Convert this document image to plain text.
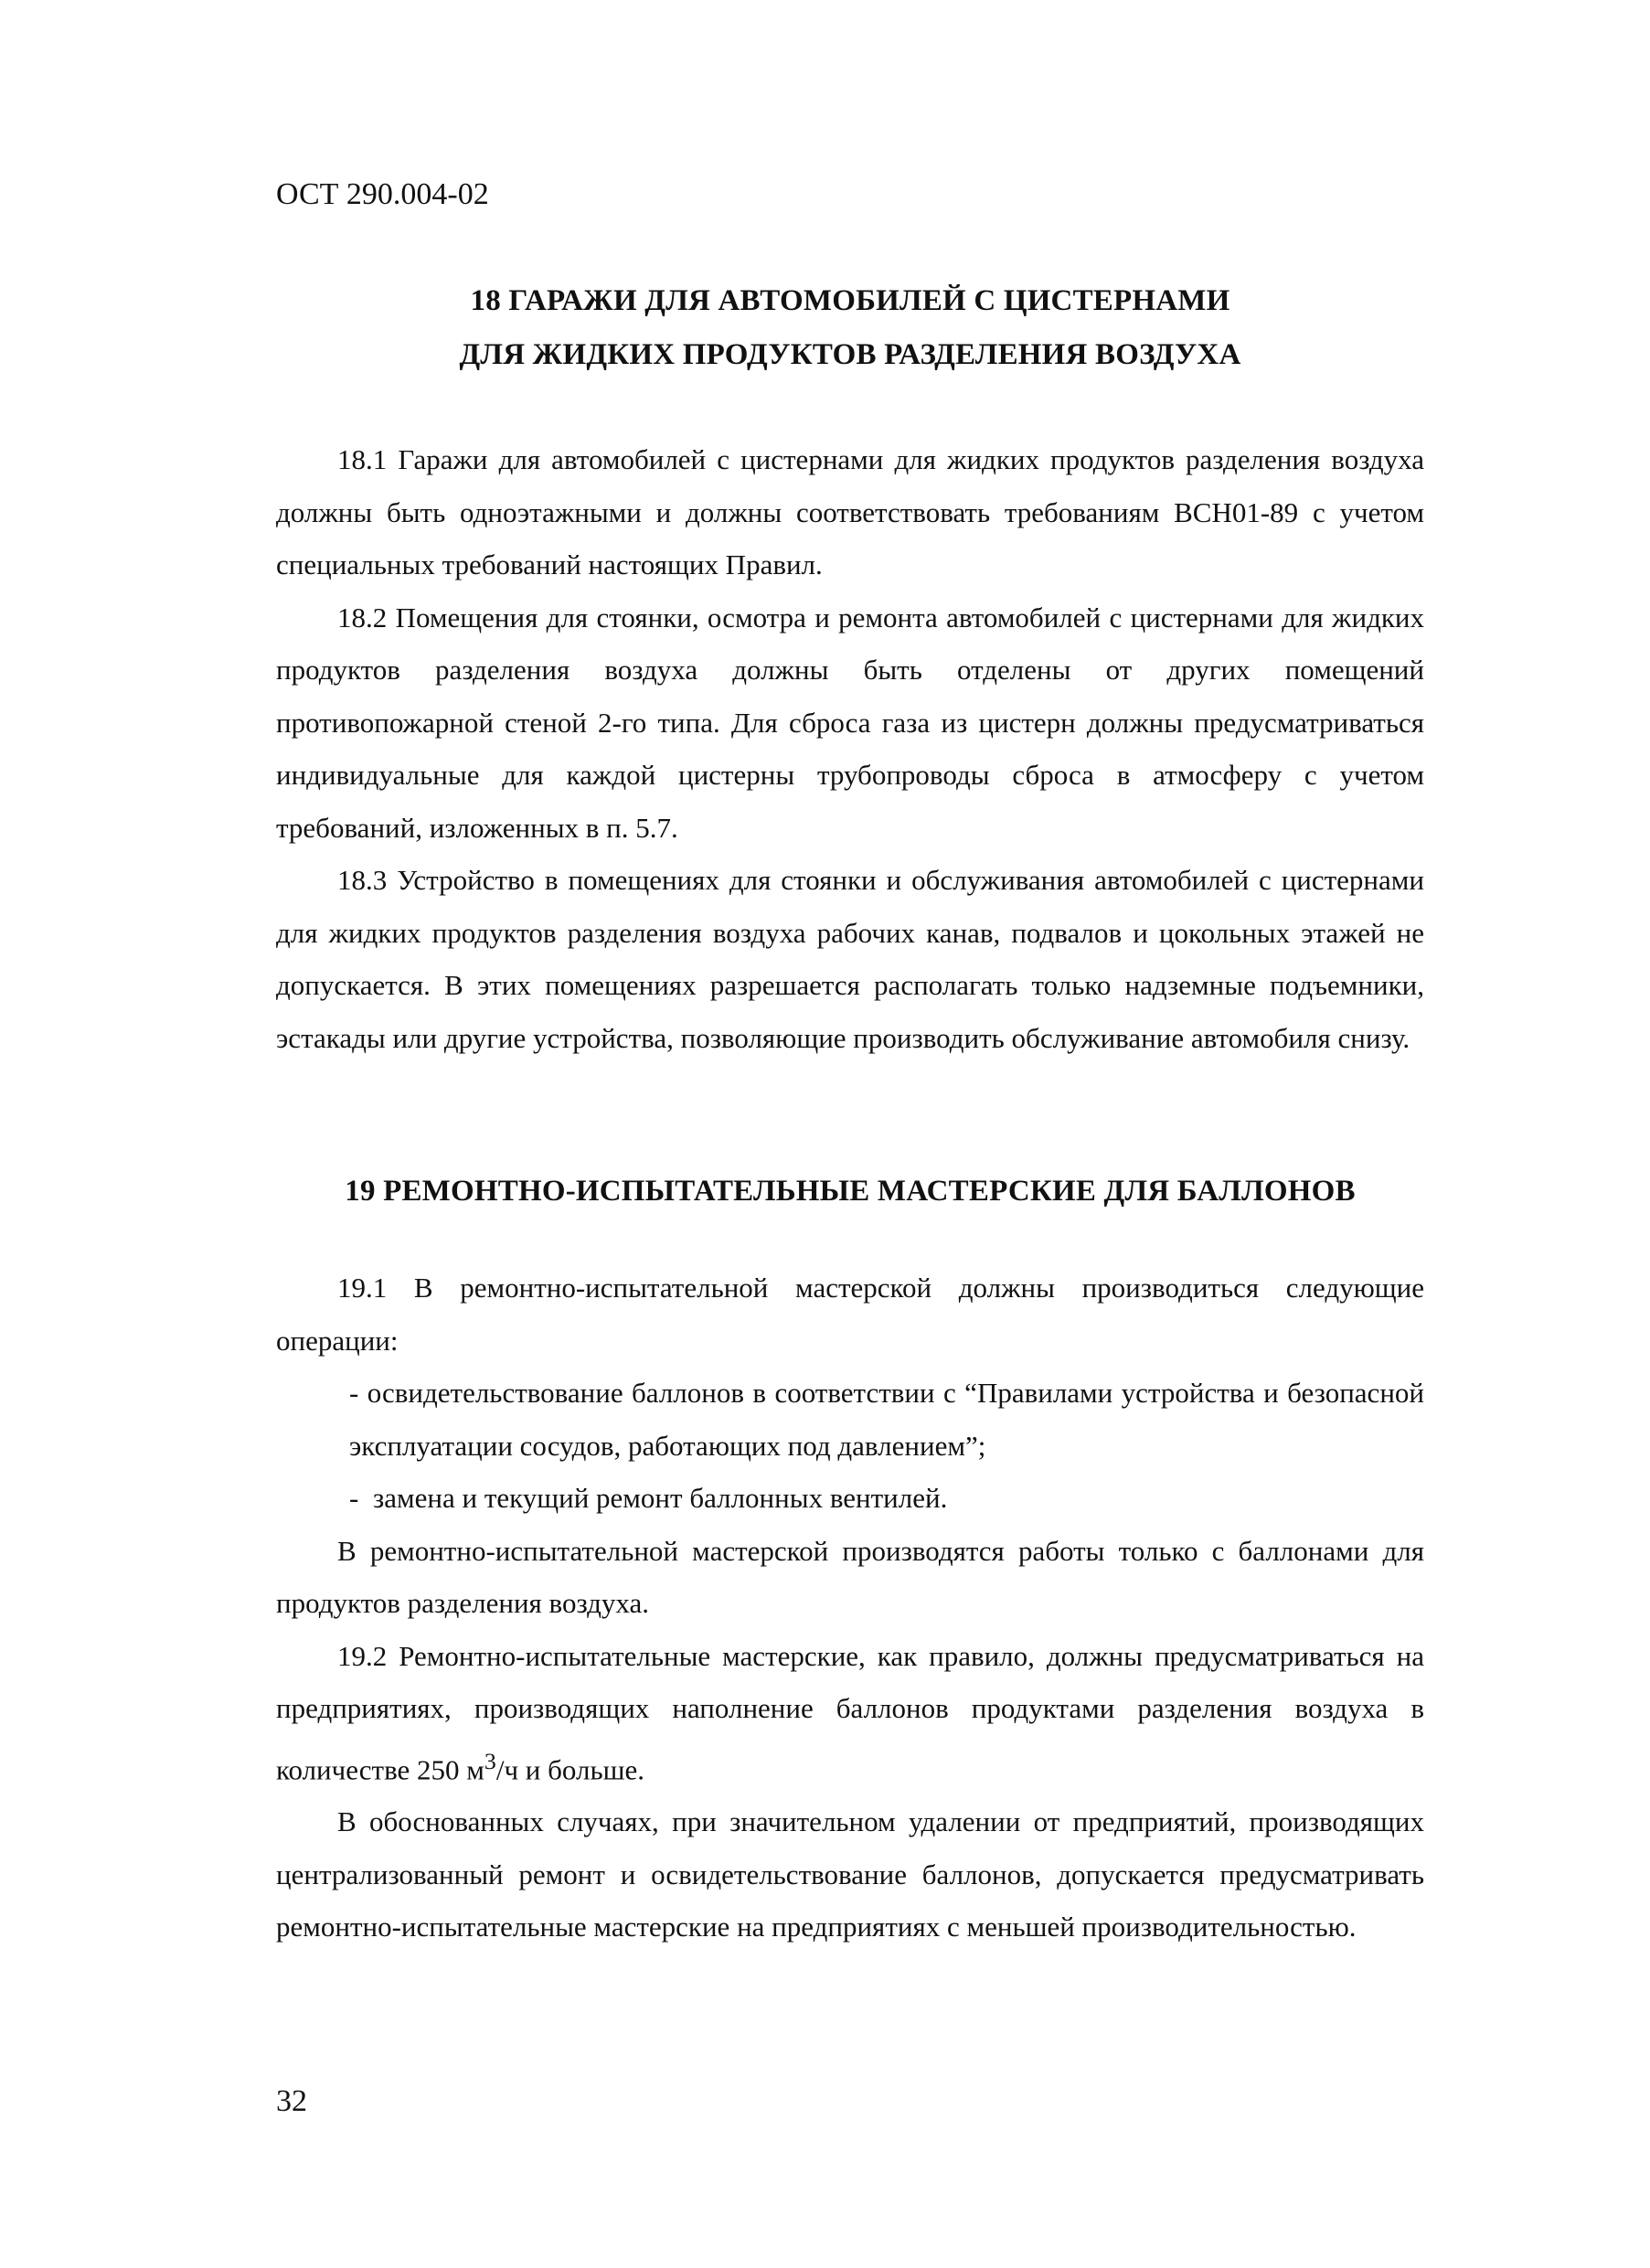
ОСТ 290.004-02
18 ГАРАЖИ ДЛЯ АВТОМОБИЛЕЙ С ЦИСТЕРНАМИ
ДЛЯ ЖИДКИХ ПРОДУКТОВ РАЗДЕЛЕНИЯ ВОЗДУХА

18.1 Гаражи для автомобилей с цистернами для жидких продуктов разделения воздуха должны быть одноэтажными и должны соответствовать требованиям ВСН01-89 с учетом специальных требований настоящих Правил.

18.2 Помещения для стоянки, осмотра и ремонта автомобилей с цистернами для жидких продуктов разделения воздуха должны быть отделены от других помещений противопожарной стеной 2-го типа. Для сброса газа из цистерн должны предусматриваться индивидуальные для каждой цистерны трубопроводы сброса в атмосферу с учетом требований, изложенных в п. 5.7.

18.3 Устройство в помещениях для стоянки и обслуживания автомобилей с цистернами для жидких продуктов разделения воздуха рабочих канав, подвалов и цокольных этажей не допускается. В этих помещениях разрешается располагать только надземные подъемники, эстакады или другие устройства, позволяющие производить обслуживание автомобиля снизу.

19 РЕМОНТНО-ИСПЫТАТЕЛЬНЫЕ МАСТЕРСКИЕ ДЛЯ БАЛЛОНОВ

19.1 В ремонтно-испытательной мастерской должны производиться следующие операции:

- освидетельствование баллонов в соответствии с “Правилами устройства и безопасной эксплуатации сосудов, работающих под давлением”;

- замена и текущий ремонт баллонных вентилей.

В ремонтно-испытательной мастерской производятся работы только с баллонами для продуктов разделения воздуха.

19.2 Ремонтно-испытательные мастерские, как правило, должны предусматриваться на предприятиях, производящих наполнение баллонов продуктами разделения воздуха в количестве 250 $м^3/ч$ и больше.

В обоснованных случаях, при значительном удалении от предприятий, производящих централизованный ремонт и освидетельствование баллонов, допускается предусматривать ремонтно-испытательные мастерские на предприятиях с меньшей производительностью.

32
